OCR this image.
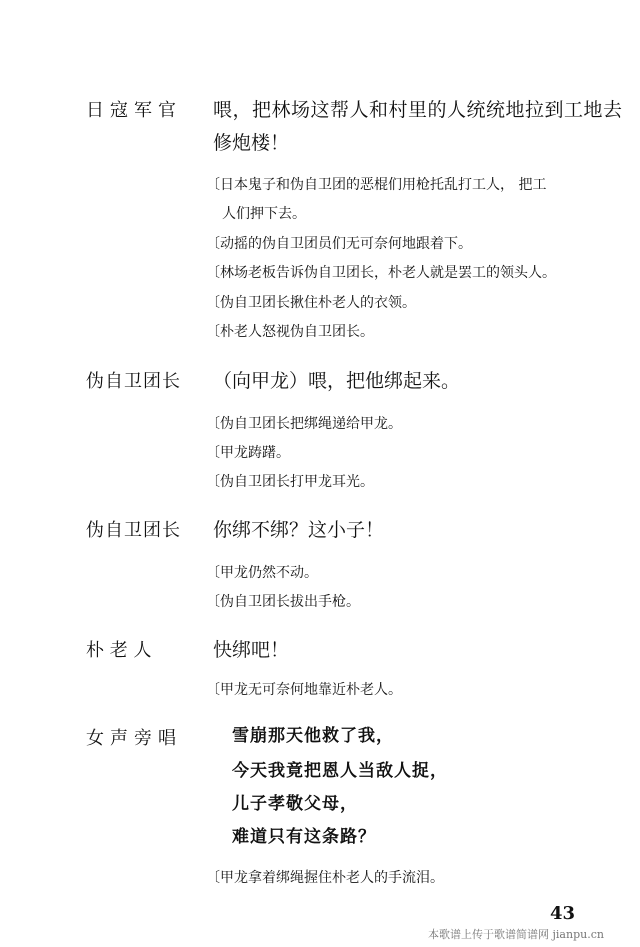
日寇军官 喂，把林场这帮人和村里的人统统地拉到工地去
修炮楼！
〔日本鬼子和伪自卫团的恶棍们用枪托乱打工人， 把工
人们押下去。
〔动摇的伪自卫团员们无可奈何地跟着下。
〔林场老板告诉伪自卫团长，朴老人就是罢工的领头人。
〔伪自卫团长揪住朴老人的衣领。
〔朴老人怒视伪自卫团长。
伪自卫团长 （向甲龙）喂，把他绑起来。
〔伪自卫团长把绑绳递给甲龙。
〔甲龙踌躇。
〔伪自卫团长打甲龙耳光。
伪自卫团长 你绑不绑？这小子！
〔甲龙仍然不动。
〔伪自卫团长拔出手枪。
朴 老 人	快绑吧！
〔甲龙无可奈何地靠近朴老人。
女声旁唱	雪崩那天他救了我，
今天我竟把恩人当敌人捉，
儿子孝敬父母，
难道只有这条路？
〔甲龙拿着绑绳握住朴老人的手流泪。
43
本歌谱上传于歌谱简谱网 jianpu.cn
